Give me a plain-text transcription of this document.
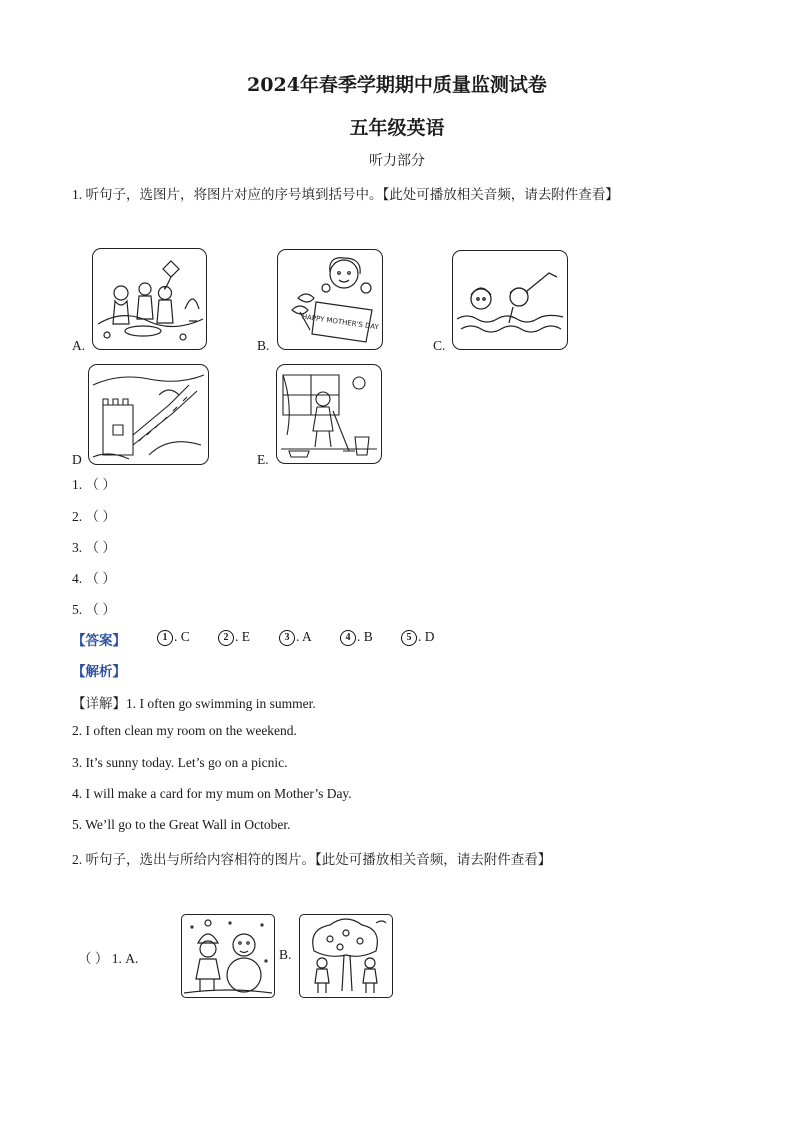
2024年春季学期期中质量监测试卷
五年级英语
听力部分
1. 听句子，选图片，将图片对应的序号填到括号中。【此处可播放相关音频，请去附件查看】
A.	B.
HAPPY MOTHER'S DAY
C.
D	E.
1. （ ）
2. （ ）
3. （ ）
4. （ ）
5. （ ）
【答案】	1 . C	2 . E	3 . A	4 . B	5 . D
【解析】
【详解】1. I often go swimming in summer.
2. I often clean my room on the weekend.
3. It’s sunny today. Let’s go on a picnic.
4. I will make a card for my mum on Mother’s Day.
5. We’ll go to the Great Wall in October.
2. 听句子，选出与所给内容相符的图片。【此处可播放相关音频，请去附件查看】
（ ） 1. A.	B.
